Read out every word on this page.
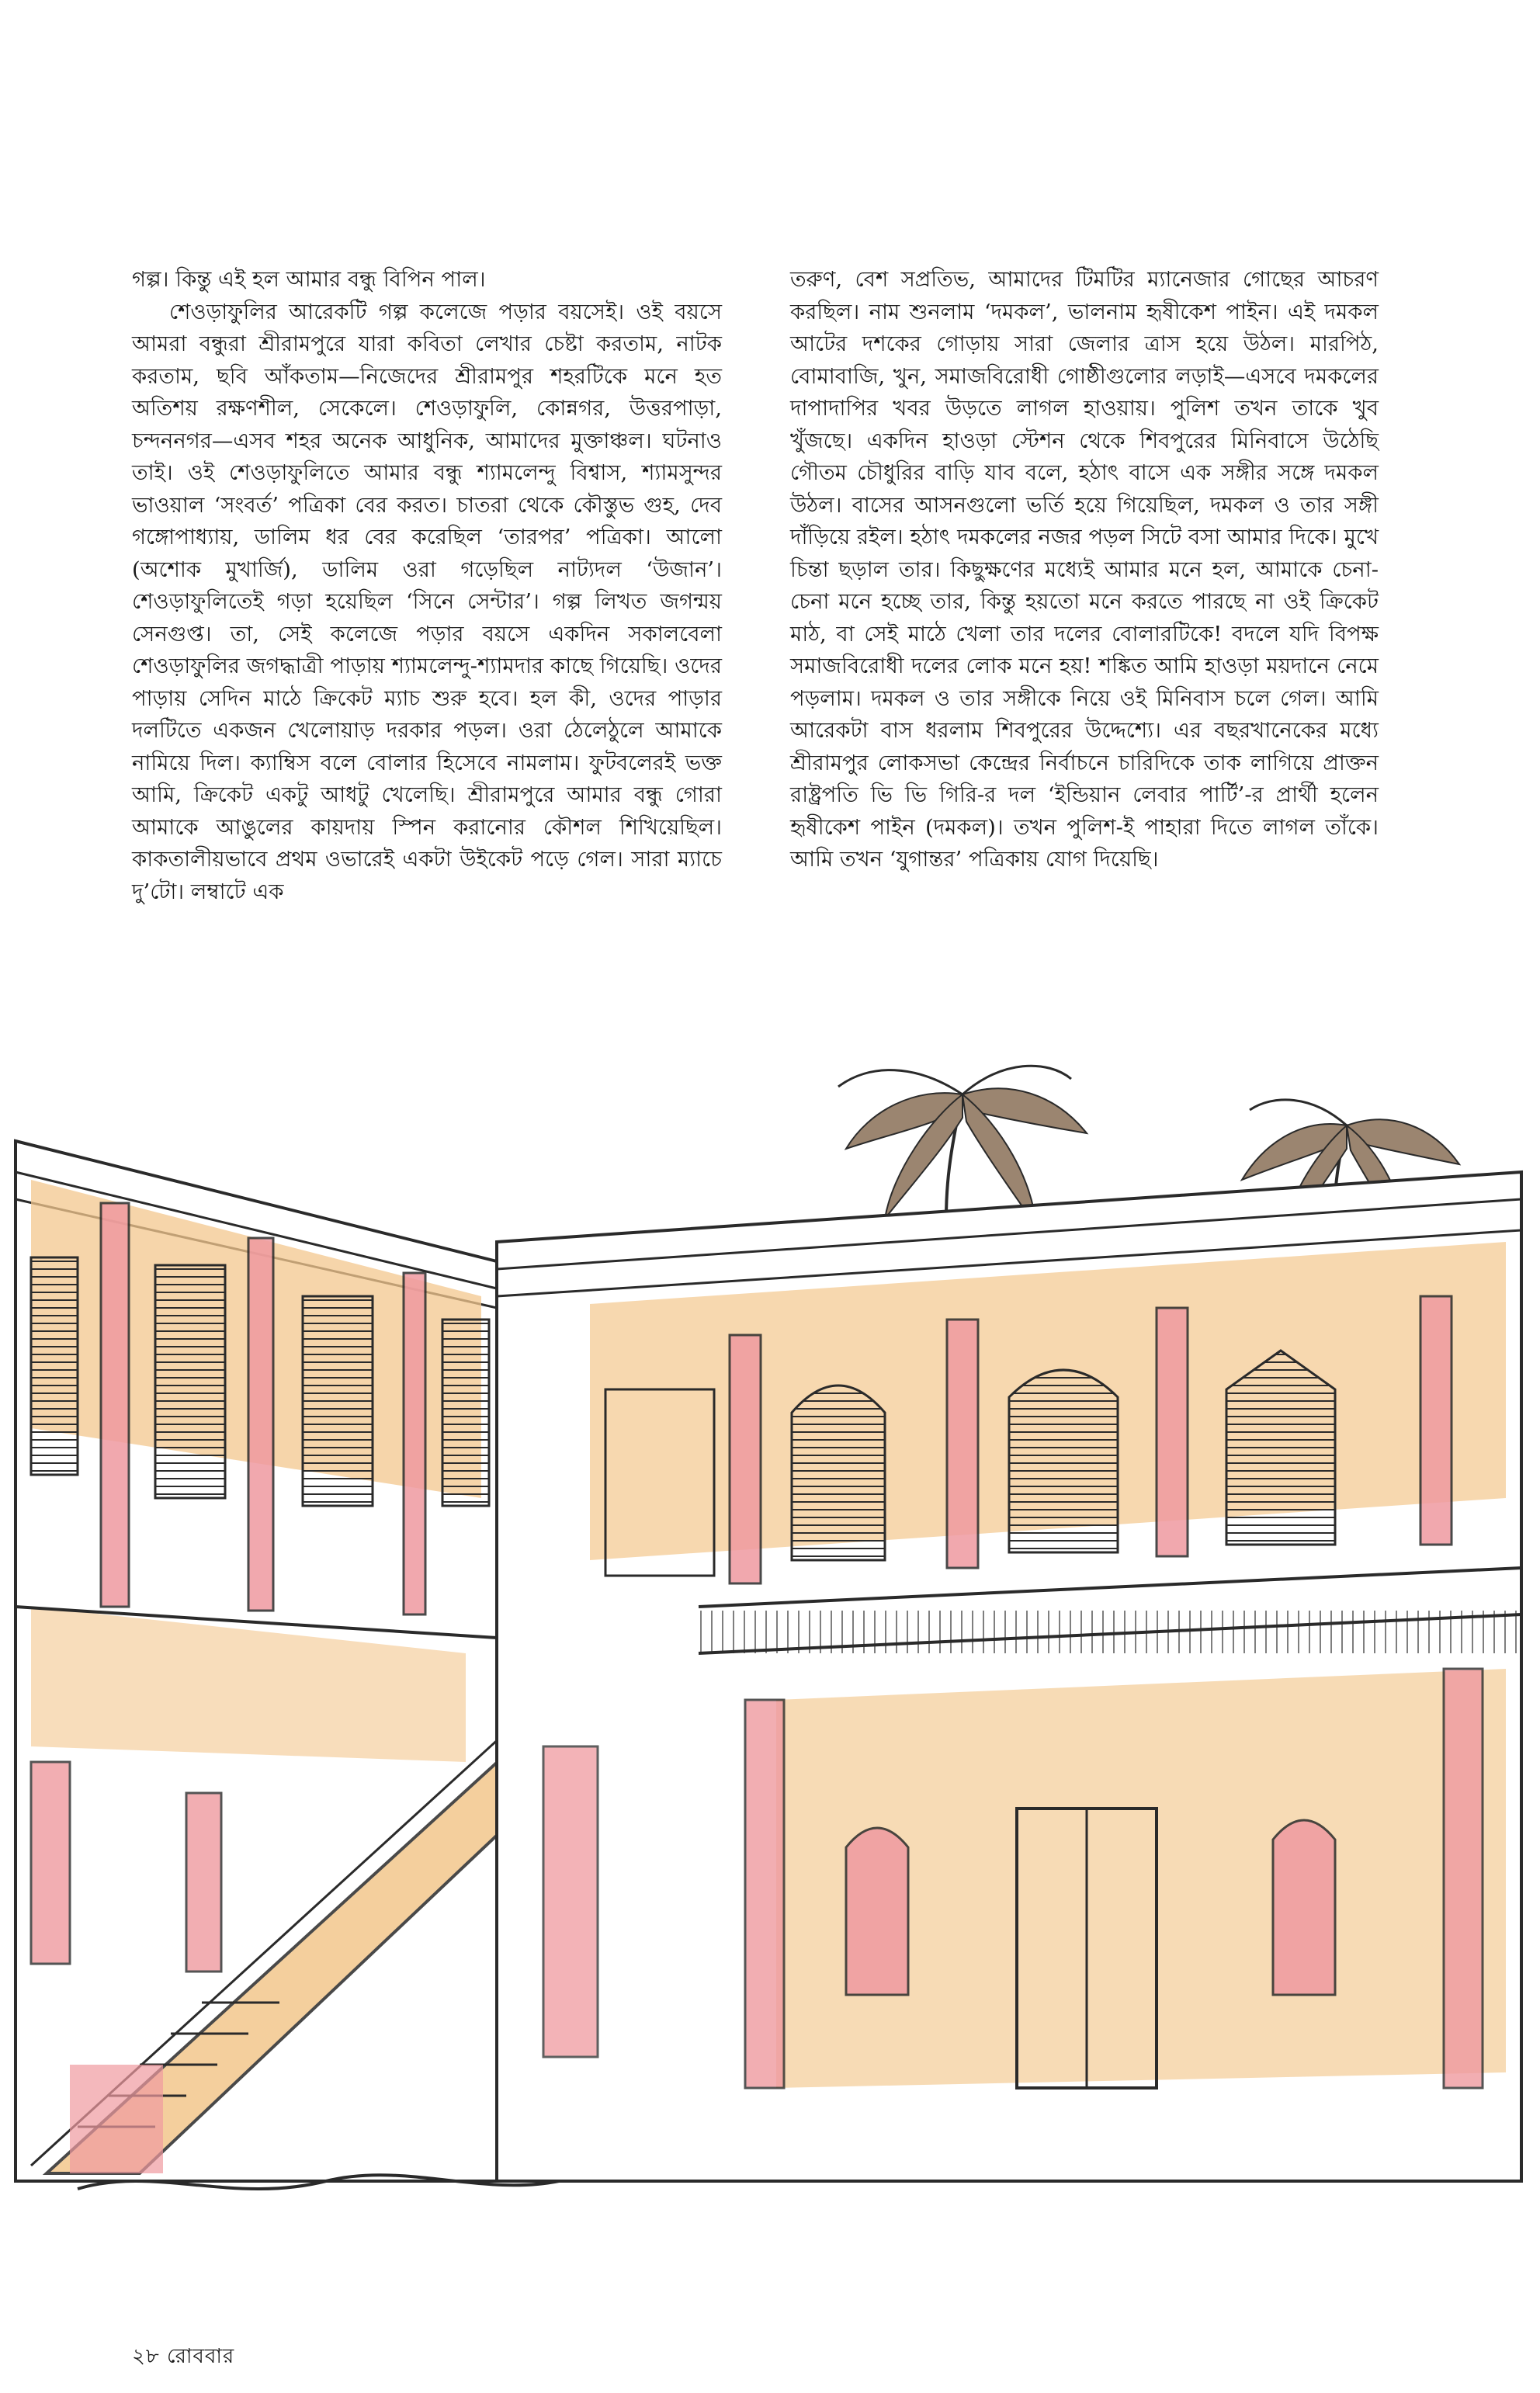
গল্প। কিন্তু এই হল আমার বন্ধু বিপিন পাল।

শেওড়াফুলির আরেকটি গল্প কলেজে পড়ার বয়সেই। ওই বয়সে আমরা বন্ধুরা শ্রীরামপুরে যারা কবিতা লেখার চেষ্টা করতাম, নাটক করতাম, ছবি আঁকতাম—নিজেদের শ্রীরামপুর শহরটিকে মনে হত অতিশয় রক্ষণশীল, সেকেলে। শেওড়াফুলি, কোন্নগর, উত্তরপাড়া, চন্দননগর—এসব শহর অনেক আধুনিক, আমাদের মুক্তাঞ্চল। ঘটনাও তাই। ওই শেওড়াফুলিতে আমার বন্ধু শ্যামলেন্দু বিশ্বাস, শ্যামসুন্দর ভাওয়াল ‘সংবর্ত’ পত্রিকা বের করত। চাতরা থেকে কৌস্তুভ গুহ, দেব গঙ্গোপাধ্যায়, ডালিম ধর বের করেছিল ‘তারপর’ পত্রিকা। আলো (অশোক মুখার্জি), ডালিম ওরা গড়েছিল নাট্যদল ‘উজান’। শেওড়াফুলিতেই গড়া হয়েছিল ‘সিনে সেন্টার’। গল্প লিখত জগন্ময় সেনগুপ্ত। তা, সেই কলেজে পড়ার বয়সে একদিন সকালবেলা শেওড়াফুলির জগদ্ধাত্রী পাড়ায় শ্যামলেন্দু-শ্যামদার কাছে গিয়েছি। ওদের পাড়ায় সেদিন মাঠে ক্রিকেট ম্যাচ শুরু হবে। হল কী, ওদের পাড়ার দলটিতে একজন খেলোয়াড় দরকার পড়ল। ওরা ঠেলেঠুলে আমাকে নামিয়ে দিল। ক্যাম্বিস বলে বোলার হিসেবে নামলাম। ফুটবলেরই ভক্ত আমি, ক্রিকেট একটু আধটু খেলেছি। শ্রীরামপুরে আমার বন্ধু গোরা আমাকে আঙুলের কায়দায় স্পিন করানোর কৌশল শিখিয়েছিল। কাকতালীয়ভাবে প্রথম ওভারেই একটা উইকেট পড়ে গেল। সারা ম্যাচে দু’টো। লম্বাটে এক

তরুণ, বেশ সপ্রতিভ, আমাদের টিমটির ম্যানেজার গোছের আচরণ করছিল। নাম শুনলাম ‘দমকল’, ভালনাম হৃষীকেশ পাইন। এই দমকল আটের দশকের গোড়ায় সারা জেলার ত্রাস হয়ে উঠল। মারপিঠ, বোমাবাজি, খুন, সমাজবিরোধী গোষ্ঠীগুলোর লড়াই—এসবে দমকলের দাপাদাপির খবর উড়তে লাগল হাওয়ায়। পুলিশ তখন তাকে খুব খুঁজছে। একদিন হাওড়া স্টেশন থেকে শিবপুরের মিনিবাসে উঠেছি গৌতম চৌধুরির বাড়ি যাব বলে, হঠাৎ বাসে এক সঙ্গীর সঙ্গে দমকল উঠল। বাসের আসনগুলো ভর্তি হয়ে গিয়েছিল, দমকল ও তার সঙ্গী দাঁড়িয়ে রইল। হঠাৎ দমকলের নজর পড়ল সিটে বসা আমার দিকে। মুখে চিন্তা ছড়াল তার। কিছুক্ষণের মধ্যেই আমার মনে হল, আমাকে চেনা-চেনা মনে হচ্ছে তার, কিন্তু হয়তো মনে করতে পারছে না ওই ক্রিকেট মাঠ, বা সেই মাঠে খেলা তার দলের বোলারটিকে! বদলে যদি বিপক্ষ সমাজবিরোধী দলের লোক মনে হয়! শঙ্কিত আমি হাওড়া ময়দানে নেমে পড়লাম। দমকল ও তার সঙ্গীকে নিয়ে ওই মিনিবাস চলে গেল। আমি আরেকটা বাস ধরলাম শিবপুরের উদ্দেশ্যে। এর বছরখানেকের মধ্যে শ্রীরামপুর লোকসভা কেন্দ্রের নির্বাচনে চারিদিকে তাক লাগিয়ে প্রাক্তন রাষ্ট্রপতি ভি ভি গিরি-র দল ‘ইন্ডিয়ান লেবার পার্টি’-র প্রার্থী হলেন হৃষীকেশ পাইন (দমকল)। তখন পুলিশ-ই পাহারা দিতে লাগল তাঁকে। আমি তখন ‘যুগান্তর’ পত্রিকায় যোগ দিয়েছি।

২৮ রোববার
